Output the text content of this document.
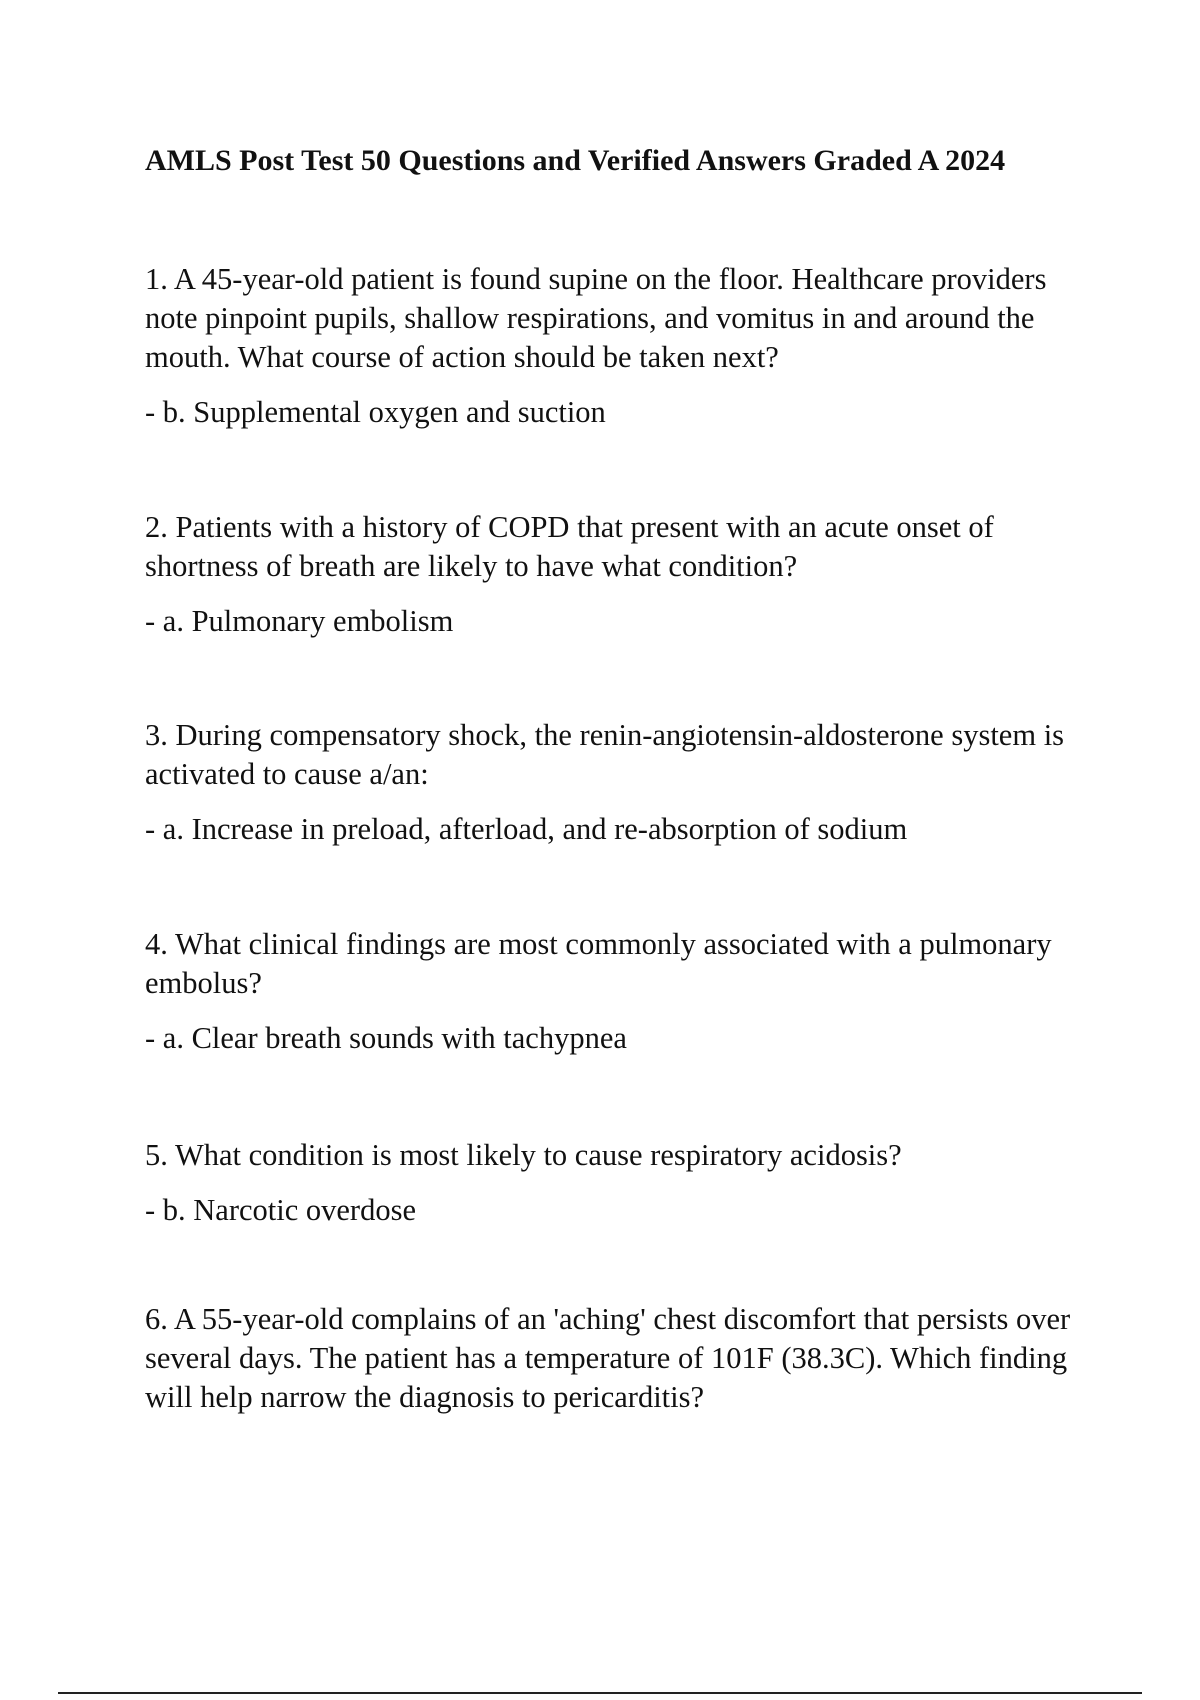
AMLS Post Test 50 Questions and Verified Answers Graded A 2024

1. A 45-year-old patient is found supine on the floor. Healthcare providers note pinpoint pupils, shallow respirations, and vomitus in and around the mouth. What course of action should be taken next?

- b. Supplemental oxygen and suction

2. Patients with a history of COPD that present with an acute onset of shortness of breath are likely to have what condition?

- a. Pulmonary embolism

3. During compensatory shock, the renin-angiotensin-aldosterone system is activated to cause a/an:

- a. Increase in preload, afterload, and re-absorption of sodium

4. What clinical findings are most commonly associated with a pulmonary embolus?

- a. Clear breath sounds with tachypnea

5. What condition is most likely to cause respiratory acidosis?

- b. Narcotic overdose

6. A 55-year-old complains of an 'aching' chest discomfort that persists over several days. The patient has a temperature of 101F (38.3C). Which finding will help narrow the diagnosis to pericarditis?
